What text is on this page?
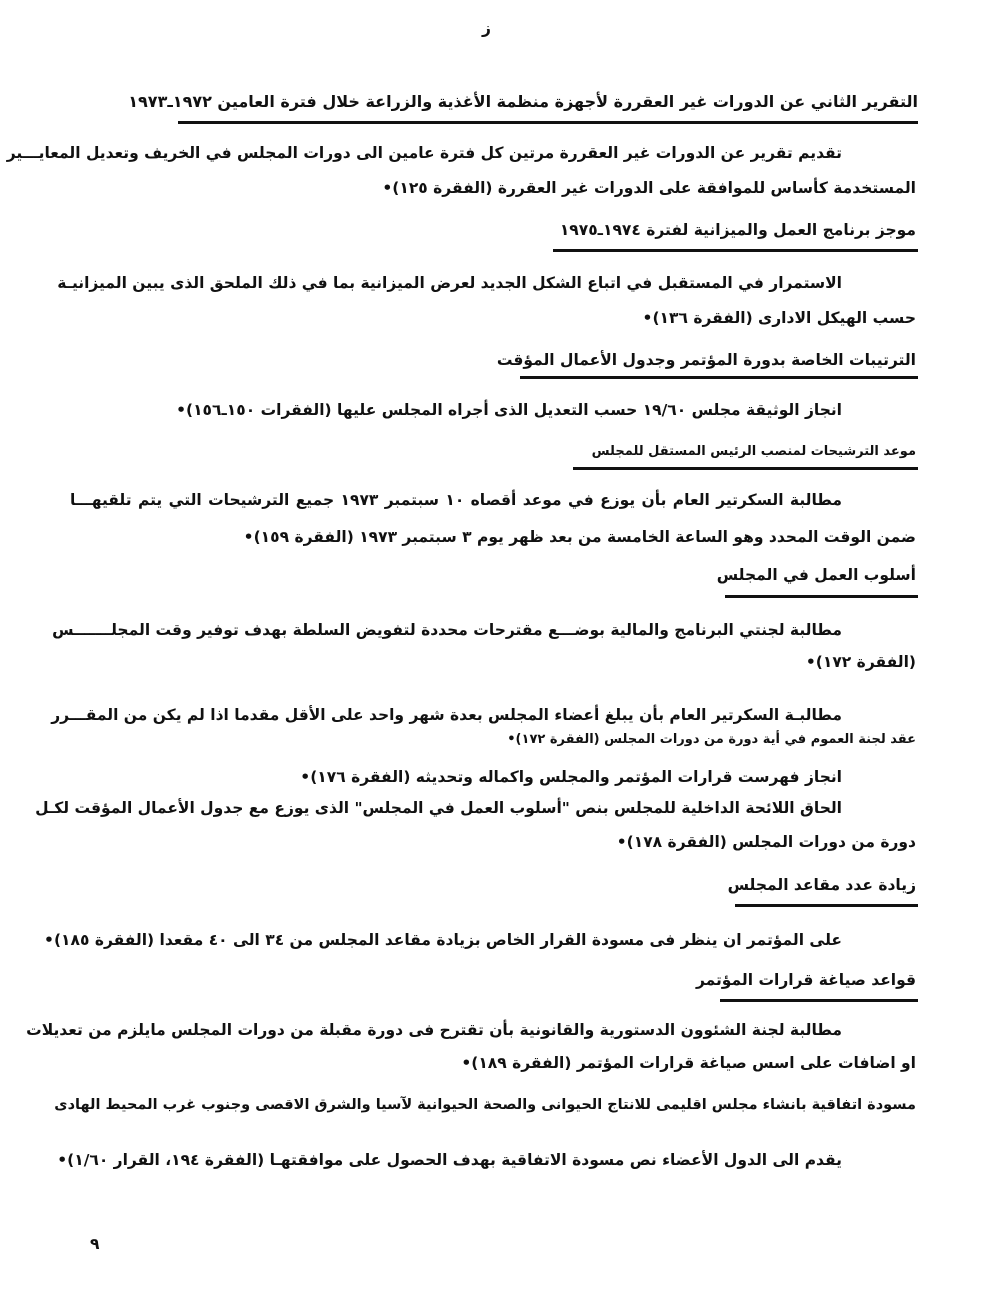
ز
التقرير الثاني عن الدورات غير العقررة لأجهزة منظمة الأغذية والزراعة خلال فترة العامين ١٩٧٢ـ١٩٧٣
تقديم تقرير عن الدورات غير العقررة مرتين كل فترة عامين الى دورات المجلس في الخريف وتعديل المعايـــير
المستخدمة كأساس للموافقة على الدورات غير العقررة (الفقرة ١٢٥)•
موجز برنامج العمل والميزانية لفترة ١٩٧٤ـ١٩٧٥
الاستمرار في المستقبل في اتباع الشكل الجديد لعرض الميزانية بما في ذلك الملحق الذى يبين الميزانيـة
حسب الهيكل الادارى (الفقرة ١٣٦)•
الترتيبات الخاصة بدورة المؤتمر وجدول الأعمال المؤقت
انجاز الوثيقة مجلس ١٩/٦٠ حسب التعديل الذى أجراه المجلس عليها (الفقرات ١٥٠ـ١٥٦)•
موعد الترشيحات لمنصب الرئيس المستقل للمجلس
مطالبة السكرتير العام بأن يوزع في موعد أقصاه ١٠ سبتمبر ١٩٧٣ جميع الترشيحات التي يتم تلقيهـــا
ضمن الوقت المحدد وهو الساعة الخامسة من بعد ظهر يوم ٣ سبتمبر ١٩٧٣ (الفقرة ١٥٩)•
أسلوب العمل في المجلس
مطالبة لجنتي البرنامج والمالية بوضـــع مقترحات محددة لتفويض السلطة بهدف توفير وقت المجلـــــــس
(الفقرة ١٧٢)•
مطالبـة السكرتير العام بأن يبلغ أعضاء المجلس بعدة شهر واحد على الأقل مقدما اذا لم يكن من المقـــرر
عقد لجنة العموم في أية دورة من دورات المجلس (الفقرة ١٧٢)•
انجاز فهرست قرارات المؤتمر والمجلس واكماله وتحديثه (الفقرة ١٧٦)•
الحاق اللائحة الداخلية للمجلس بنص "أسلوب العمل في المجلس" الذى يوزع مع جدول الأعمال المؤقت لكـل
دورة من دورات المجلس (الفقرة ١٧٨)•
زيادة عدد مقاعد المجلس
على المؤتمر ان ينظر فى مسودة القرار الخاص بزيادة مقاعد المجلس من ٣٤ الى ٤٠ مقعدا (الفقرة ١٨٥)•
قواعد صياغة قرارات المؤتمر
مطالبة لجنة الشئوون الدستورية والقانونية بأن تقترح فى دورة مقبلة من دورات المجلس مايلزم من تعديلات
او اضافات على اسس صياغة قرارات المؤتمر (الفقرة ١٨٩)•
مسودة اتفاقية بانشاء مجلس اقليمى للانتاج الحيوانى والصحة الحيوانية لآسيا والشرق الاقصى وجنوب غرب المحيط الهادى
يقدم الى الدول الأعضاء نص مسودة الاتفاقية بهدف الحصول على موافقتهـا (الفقرة ١٩٤، القرار ١/٦٠)•
٩
